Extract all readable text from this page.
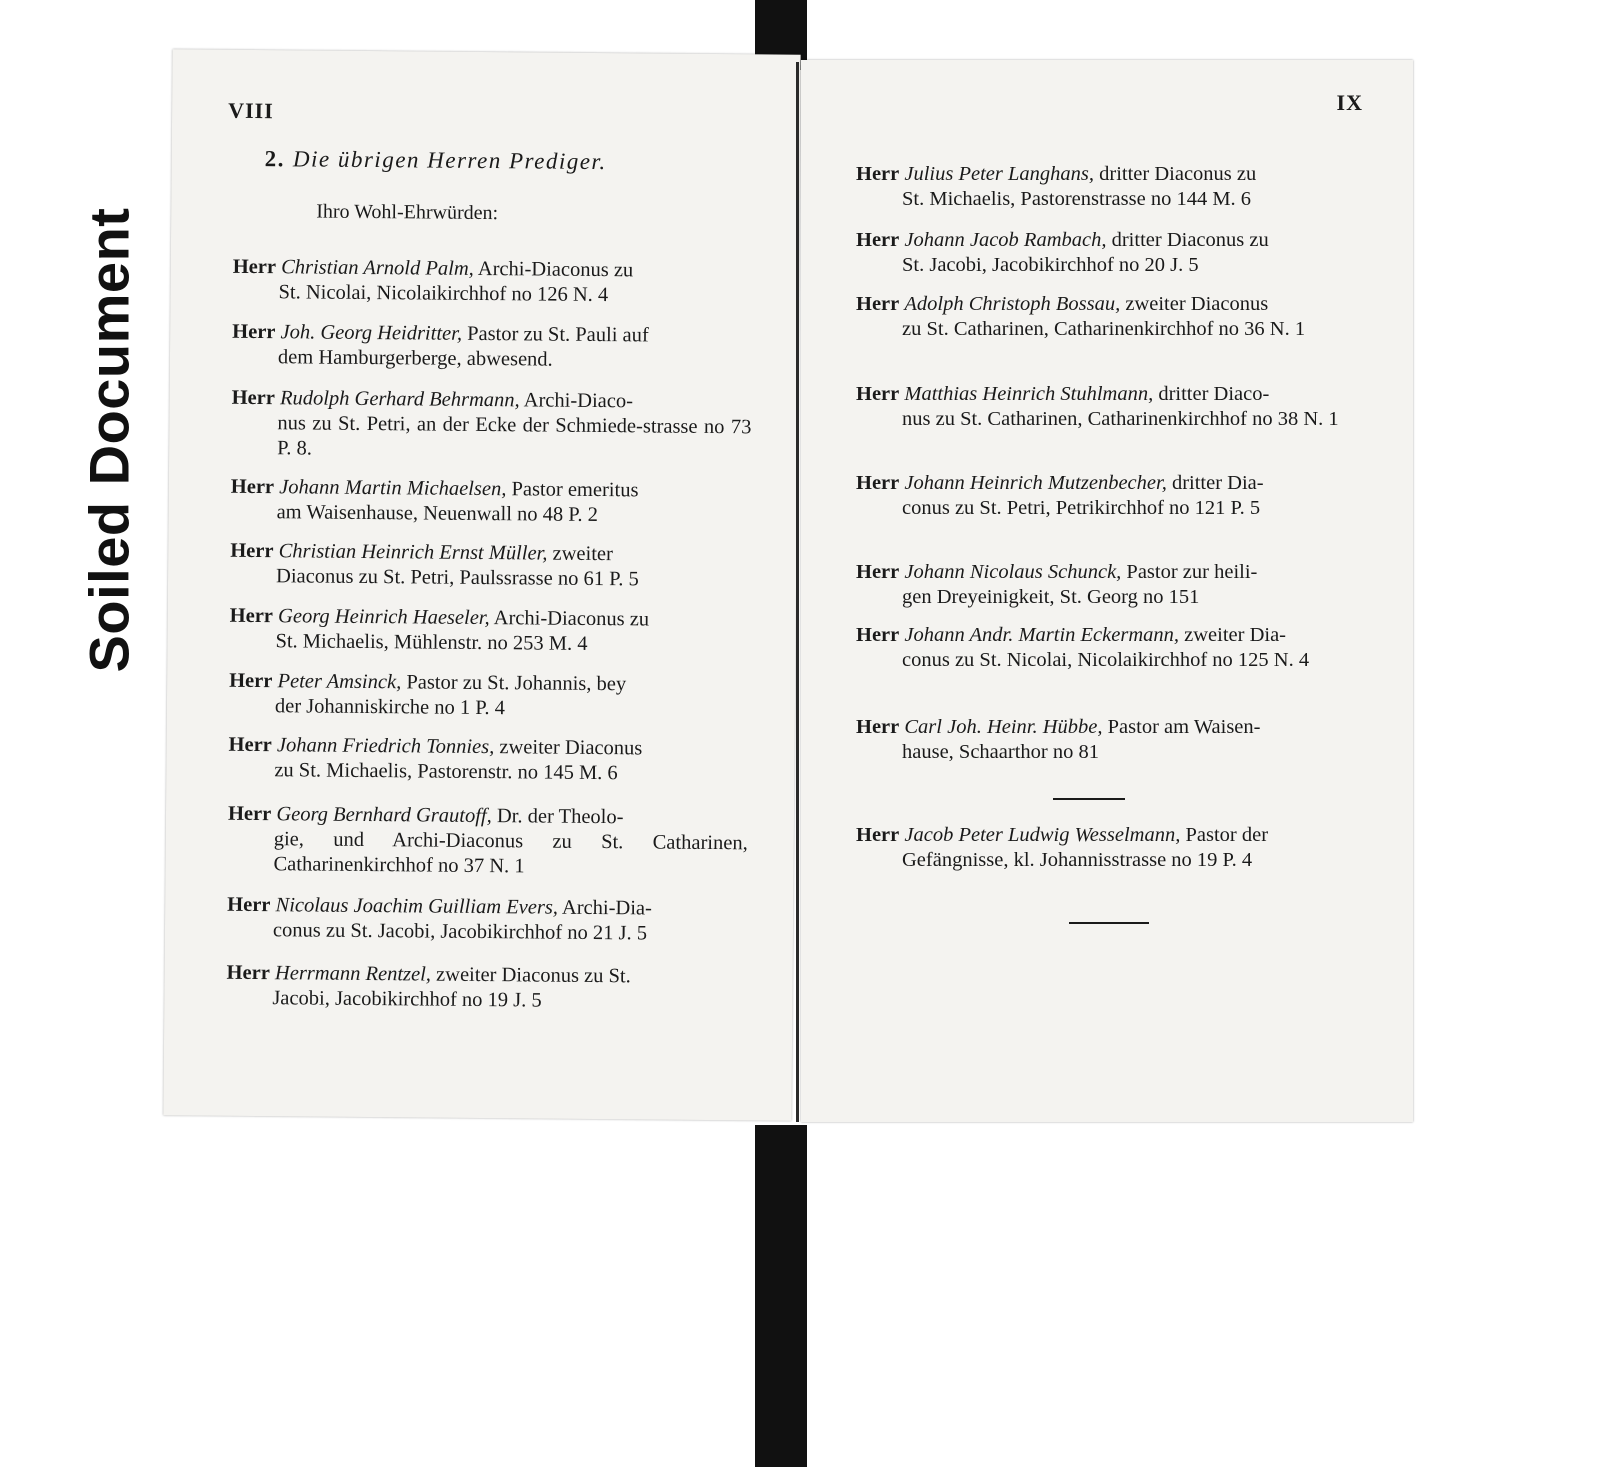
Soiled Document
VIII
2. Die übrigen Herren Prediger.
Ihro Wohl-Ehrwürden:
Herr Christian Arnold Palm, Archi-Diaconus zu
St. Nicolai, Nicolaikirchhof no 126 N. 4
Herr Joh. Georg Heidritter, Pastor zu St. Pauli auf
dem Hamburgerberge, abwesend.
Herr Rudolph Gerhard Behrmann, Archi-Diaco-
nus zu St. Petri, an der Ecke der Schmiede-strasse no 73 P. 8.
Herr Johann Martin Michaelsen, Pastor emeritus
am Waisenhause, Neuenwall no 48 P. 2
Herr Christian Heinrich Ernst Müller, zweiter
Diaconus zu St. Petri, Paulssrasse no 61 P. 5
Herr Georg Heinrich Haeseler, Archi-Diaconus zu
St. Michaelis, Mühlenstr. no 253 M. 4
Herr Peter Amsinck, Pastor zu St. Johannis, bey
der Johanniskirche no 1 P. 4
Herr Johann Friedrich Tonnies, zweiter Diaconus
zu St. Michaelis, Pastorenstr. no 145 M. 6
Herr Georg Bernhard Grautoff, Dr. der Theolo-
gie, und Archi-Diaconus zu St. Catharinen, Catharinenkirchhof no 37 N. 1
Herr Nicolaus Joachim Guilliam Evers, Archi-Dia-
conus zu St. Jacobi, Jacobikirchhof no 21 J. 5
Herr Herrmann Rentzel, zweiter Diaconus zu St.
Jacobi, Jacobikirchhof no 19 J. 5
IX
Herr Julius Peter Langhans, dritter Diaconus zu
St. Michaelis, Pastorenstrasse no 144 M. 6
Herr Johann Jacob Rambach, dritter Diaconus zu
St. Jacobi, Jacobikirchhof no 20 J. 5
Herr Adolph Christoph Bossau, zweiter Diaconus
zu St. Catharinen, Catharinenkirchhof no 36 N. 1
Herr Matthias Heinrich Stuhlmann, dritter Diaco-
nus zu St. Catharinen, Catharinenkirchhof no 38 N. 1
Herr Johann Heinrich Mutzenbecher, dritter Dia-
conus zu St. Petri, Petrikirchhof no 121 P. 5
Herr Johann Nicolaus Schunck, Pastor zur heili-
gen Dreyeinigkeit, St. Georg no 151
Herr Johann Andr. Martin Eckermann, zweiter Dia-
conus zu St. Nicolai, Nicolaikirchhof no 125 N. 4
Herr Carl Joh. Heinr. Hübbe, Pastor am Waisen-
hause, Schaarthor no 81
Herr Jacob Peter Ludwig Wesselmann, Pastor der
Gefängnisse, kl. Johannisstrasse no 19 P. 4
